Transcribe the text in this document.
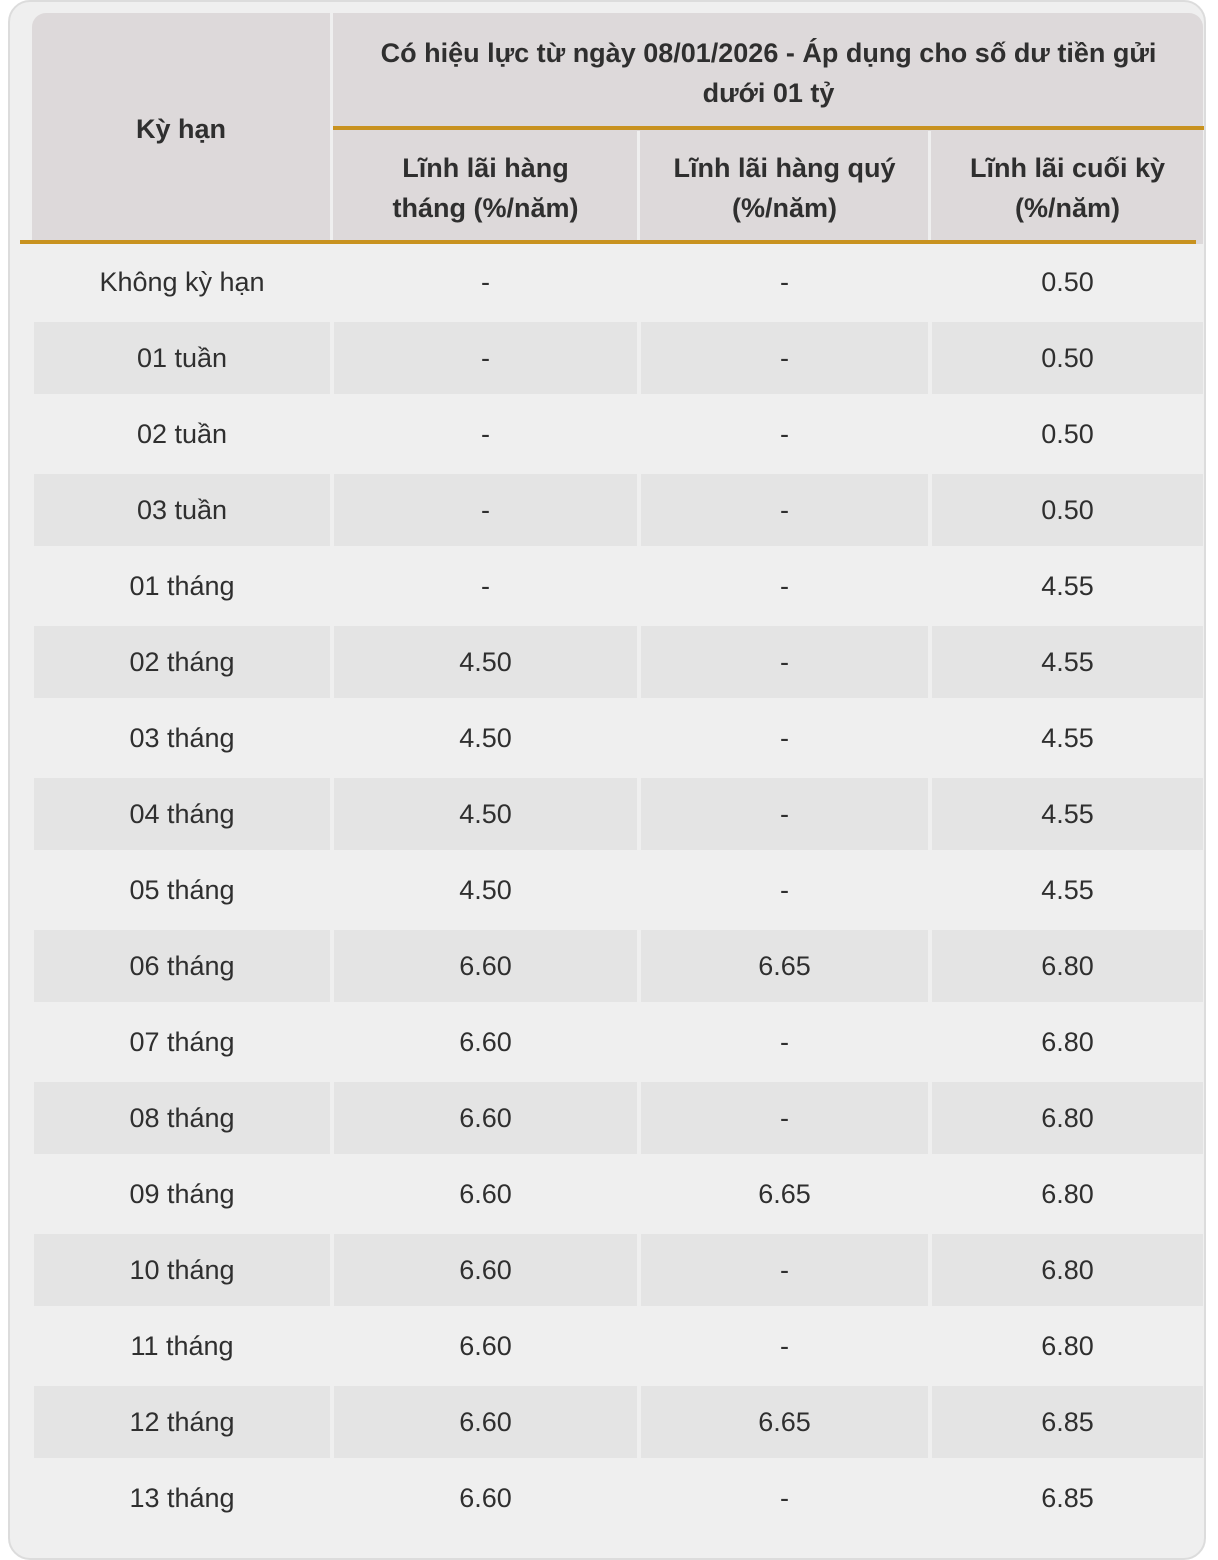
Kỳ hạn
Có hiệu lực từ ngày 08/01/2026 - Áp dụng cho số dư tiền gửi dưới 01 tỷ
Lĩnh lãi hàng tháng (%/năm)
Lĩnh lãi hàng quý (%/năm)
Lĩnh lãi cuối kỳ (%/năm)
Không kỳ hạn	-	-	0.50
01 tuần	-	-	0.50
02 tuần	-	-	0.50
03 tuần	-	-	0.50
01 tháng	-	-	4.55
02 tháng	4.50	-	4.55
03 tháng	4.50	-	4.55
04 tháng	4.50	-	4.55
05 tháng	4.50	-	4.55
06 tháng	6.60	6.65	6.80
07 tháng	6.60	-	6.80
08 tháng	6.60	-	6.80
09 tháng	6.60	6.65	6.80
10 tháng	6.60	-	6.80
11 tháng	6.60	-	6.80
12 tháng	6.60	6.65	6.85
13 tháng	6.60	-	6.85
